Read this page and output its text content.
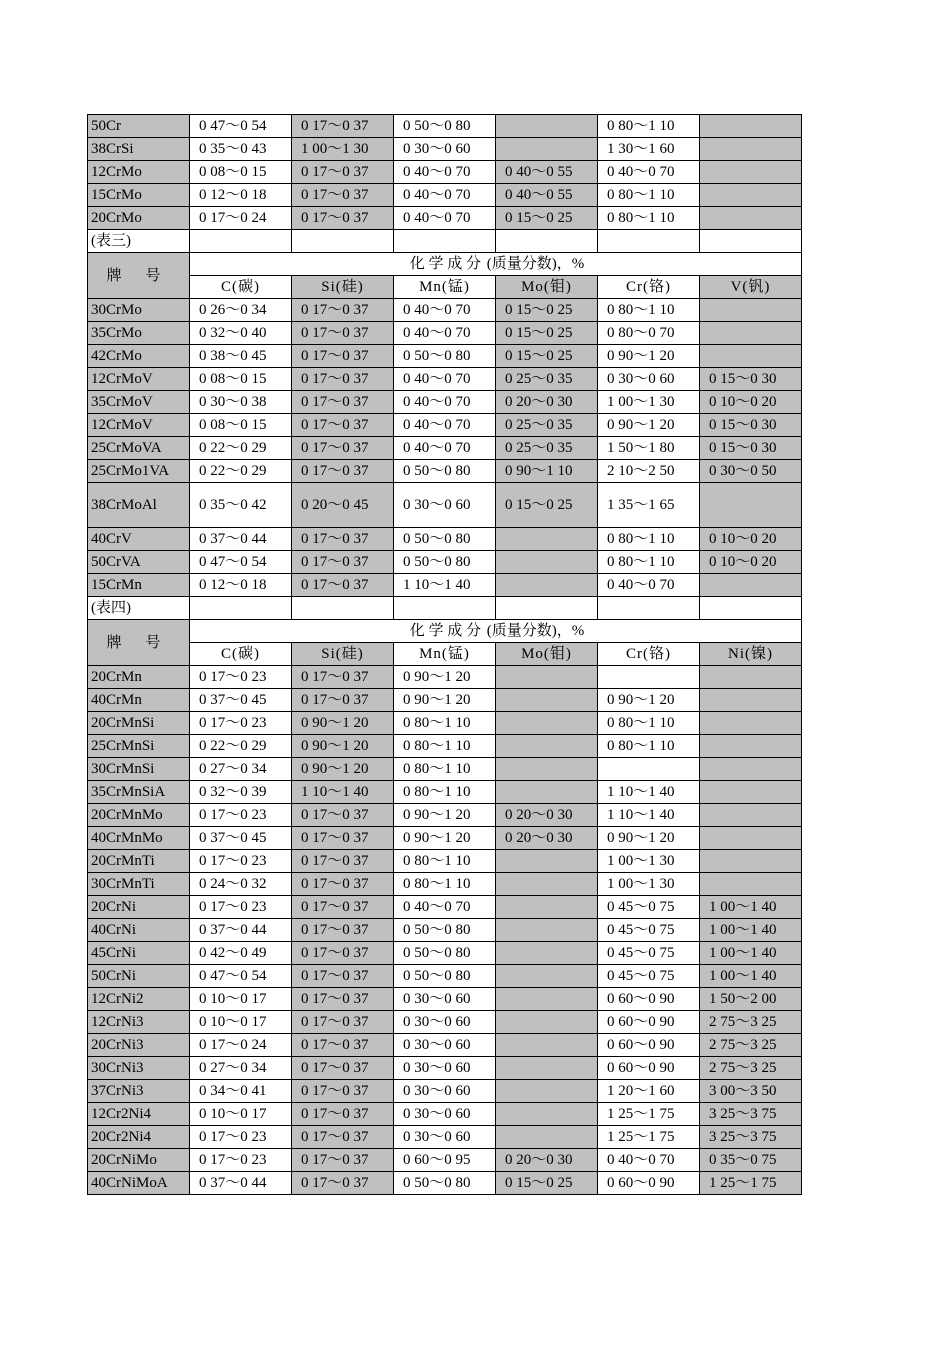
50Cr	0 47～0 54	0 17～0 37	0 50～0 80		0 80～1 10	
38CrSi	0 35～0 43	1 00～1 30	0 30～0 60		1 30～1 60	
12CrMo	0 08～0 15	0 17～0 37	0 40～0 70	0 40～0 55	0 40～0 70	
15CrMo	0 12～0 18	0 17～0 37	0 40～0 70	0 40～0 55	0 80～1 10	
20CrMo	0 17～0 24	0 17～0 37	0 40～0 70	0 15～0 25	0 80～1 10	
(表三)						
牌 号	化 学 成 分 (质量分数)，%					
	C(碳)	Si(硅)	Mn(锰)	Mo(钼)	Cr(铬)	V(钒)
30CrMo	0 26～0 34	0 17～0 37	0 40～0 70	0 15～0 25	0 80～1 10	
35CrMo	0 32～0 40	0 17～0 37	0 40～0 70	0 15～0 25	0 80～0 70	
42CrMo	0 38～0 45	0 17～0 37	0 50～0 80	0 15～0 25	0 90～1 20	
12CrMoV	0 08～0 15	0 17～0 37	0 40～0 70	0 25～0 35	0 30～0 60	0 15～0 30
35CrMoV	0 30～0 38	0 17～0 37	0 40～0 70	0 20～0 30	1 00～1 30	0 10～0 20
12CrMoV	0 08～0 15	0 17～0 37	0 40～0 70	0 25～0 35	0 90～1 20	0 15～0 30
25CrMoVA	0 22～0 29	0 17～0 37	0 40～0 70	0 25～0 35	1 50～1 80	0 15～0 30
25CrMo1VA	0 22～0 29	0 17～0 37	0 50～0 80	0 90～1 10	2 10～2 50	0 30～0 50
38CrMoAl	0 35～0 42	0 20～0 45	0 30～0 60	0 15～0 25	1 35～1 65	
40CrV	0 37～0 44	0 17～0 37	0 50～0 80		0 80～1 10	0 10～0 20
50CrVA	0 47～0 54	0 17～0 37	0 50～0 80		0 80～1 10	0 10～0 20
15CrMn	0 12～0 18	0 17～0 37	1 10～1 40		0 40～0 70	
(表四)						
牌 号	化 学 成 分 (质量分数)，%					
	C(碳)	Si(硅)	Mn(锰)	Mo(钼)	Cr(铬)	Ni(镍)
20CrMn	0 17～0 23	0 17～0 37	0 90～1 20			
40CrMn	0 37～0 45	0 17～0 37	0 90～1 20		0 90～1 20	
20CrMnSi	0 17～0 23	0 90～1 20	0 80～1 10		0 80～1 10	
25CrMnSi	0 22～0 29	0 90～1 20	0 80～1 10		0 80～1 10	
30CrMnSi	0 27～0 34	0 90～1 20	0 80～1 10			
35CrMnSiA	0 32～0 39	1 10～1 40	0 80～1 10		1 10～1 40	
20CrMnMo	0 17～0 23	0 17～0 37	0 90～1 20	0 20～0 30	1 10～1 40	
40CrMnMo	0 37～0 45	0 17～0 37	0 90～1 20	0 20～0 30	0 90～1 20	
20CrMnTi	0 17～0 23	0 17～0 37	0 80～1 10		1 00～1 30	
30CrMnTi	0 24～0 32	0 17～0 37	0 80～1 10		1 00～1 30	
20CrNi	0 17～0 23	0 17～0 37	0 40～0 70		0 45～0 75	1 00～1 40
40CrNi	0 37～0 44	0 17～0 37	0 50～0 80		0 45～0 75	1 00～1 40
45CrNi	0 42～0 49	0 17～0 37	0 50～0 80		0 45～0 75	1 00～1 40
50CrNi	0 47～0 54	0 17～0 37	0 50～0 80		0 45～0 75	1 00～1 40
12CrNi2	0 10～0 17	0 17～0 37	0 30～0 60		0 60～0 90	1 50～2 00
12CrNi3	0 10～0 17	0 17～0 37	0 30～0 60		0 60～0 90	2 75～3 25
20CrNi3	0 17～0 24	0 17～0 37	0 30～0 60		0 60～0 90	2 75～3 25
30CrNi3	0 27～0 34	0 17～0 37	0 30～0 60		0 60～0 90	2 75～3 25
37CrNi3	0 34～0 41	0 17～0 37	0 30～0 60		1 20～1 60	3 00～3 50
12Cr2Ni4	0 10～0 17	0 17～0 37	0 30～0 60		1 25～1 75	3 25～3 75
20Cr2Ni4	0 17～0 23	0 17～0 37	0 30～0 60		1 25～1 75	3 25～3 75
20CrNiMo	0 17～0 23	0 17～0 37	0 60～0 95	0 20～0 30	0 40～0 70	0 35～0 75
40CrNiMoA	0 37～0 44	0 17～0 37	0 50～0 80	0 15～0 25	0 60～0 90	1 25～1 75
